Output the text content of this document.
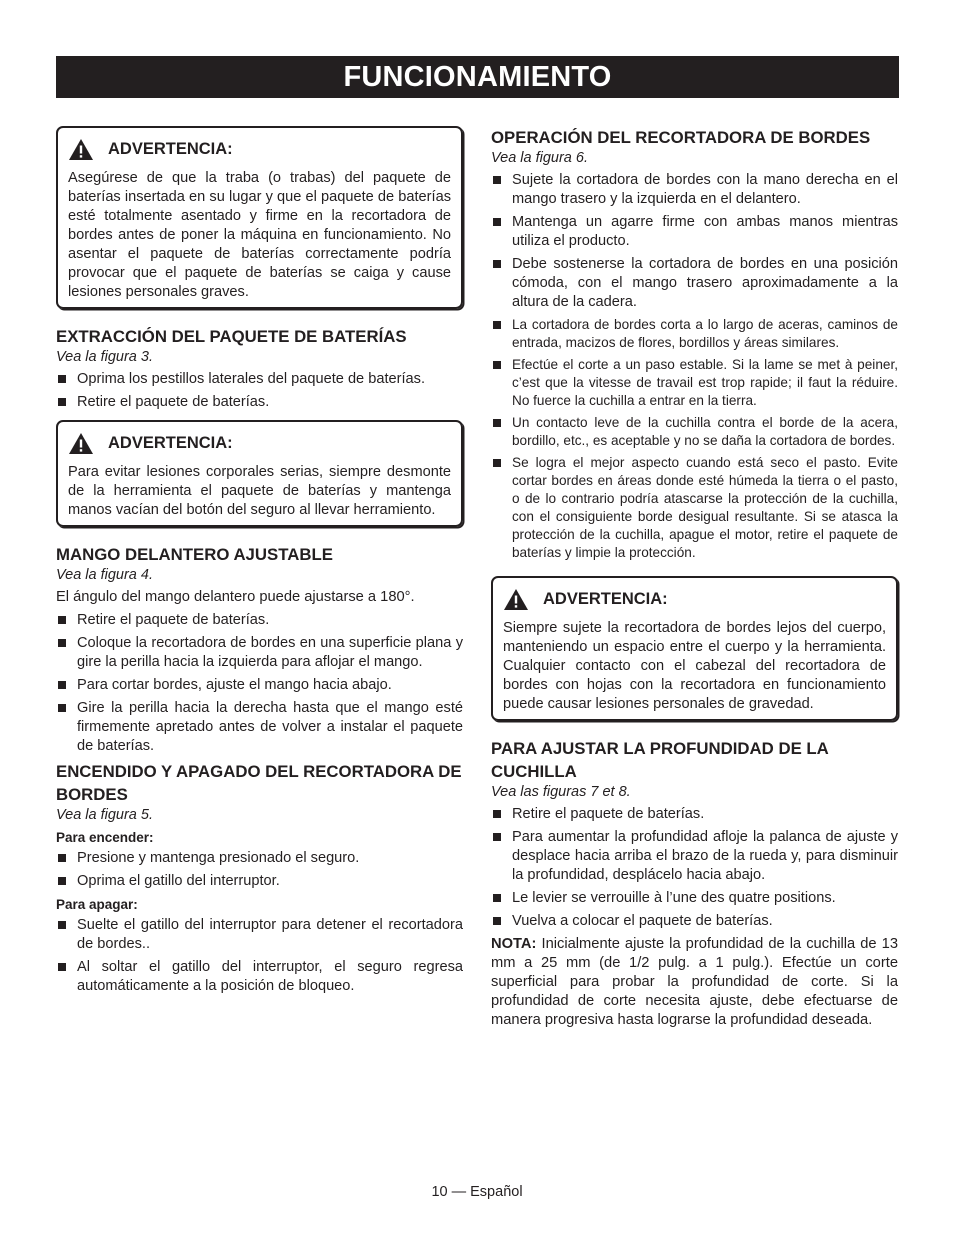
FUNCIONAMIENTO
ADVERTENCIA:
Asegúrese de que la traba (o trabas) del paquete de baterías insertada en su lugar y que el paquete de baterías esté totalmente asentado y firme en la recortadora de bordes antes de poner la máquina en funcionamiento. No asentar el paquete de baterías correctamente podría provocar que el paquete de baterías se caiga y cause lesiones personales graves.
EXTRACCIÓN DEL PAQUETE DE BATERÍAS
Vea la figura 3.
Oprima los pestillos laterales del paquete de baterías.
Retire el paquete de baterías.
ADVERTENCIA:
Para evitar lesiones corporales serias, siempre desmonte de la herramienta el paquete de baterías y mantenga manos vacían del botón del seguro al llevar herramiento.
MANGO DELANTERO AJUSTABLE
Vea la figura 4.

El ángulo del mango delantero puede ajustarse a 180°.

Retire el paquete de baterías.
Coloque la recortadora de bordes en una superficie plana y gire la perilla hacia la izquierda para aflojar el mango.
Para cortar bordes, ajuste el mango hacia abajo.
Gire la perilla hacia la derecha hasta que el mango esté firmemente apretado antes de volver a instalar el paquete de baterías.
ENCENDIDO Y APAGADO DEL RECORTADORA DE BORDES
Vea la figura 5.
Para encender:
Presione y mantenga presionado el seguro.
Oprima el gatillo del interruptor.
Para apagar:
Suelte el gatillo del interruptor para detener el recortadora de bordes..
Al soltar el gatillo del interruptor, el seguro regresa automáticamente a la posición de bloqueo.
OPERACIÓN DEL RECORTADORA DE BORDES
Vea la figura 6.
Sujete la cortadora de bordes con la mano derecha en el mango trasero y la izquierda en el delantero.
Mantenga un agarre firme con ambas manos mientras utiliza el producto.
Debe sostenerse la cortadora de bordes en una posición cómoda, con el mango trasero aproximadamente a la altura de la cadera.
La cortadora de bordes corta a lo largo de aceras, caminos de entrada, macizos de flores, bordillos y áreas similares.
Efectúe el corte a un paso estable. Si la lame se met à peiner, c’est que la vitesse de travail est trop rapide; il faut la réduire. No fuerce la cuchilla a entrar en la tierra.
Un contacto leve de la cuchilla contra el borde de la acera, bordillo, etc., es aceptable y no se daña la cortadora de bordes.
Se logra el mejor aspecto cuando está seco el pasto. Evite cortar bordes en áreas donde esté húmeda la tierra o el pasto, o de lo contrario podría atascarse la protección de la cuchilla, con el consiguiente borde desigual resultante. Si se atasca la protección de la cuchilla, apague el motor, retire el paquete de baterías y limpie la protección.
ADVERTENCIA:
Siempre sujete la recortadora de bordes lejos del cuerpo, manteniendo un espacio entre el cuerpo y la herramienta. Cualquier contacto con el cabezal del recortadora de bordes con hojas con la recortadora en funcionamiento puede causar lesiones personales de gravedad.
PARA AJUSTAR LA PROFUNDIDAD DE LA CUCHILLA
Vea las figuras 7 et 8.
Retire el paquete de baterías.
Para aumentar la profundidad afloje la palanca de ajuste y desplace hacia arriba el brazo de la rueda y, para disminuir la profundidad, desplácelo hacia abajo.
Le levier se verrouille à l’une des quatre positions.
Vuelva a colocar el paquete de baterías.

NOTA: Inicialmente ajuste la profundidad de la cuchilla de 13 mm a 25 mm (de 1/2 pulg. a 1 pulg.). Efectúe un corte superficial para probar la profundidad de corte. Si la profundidad de corte necesita ajuste, debe efectuarse de manera progresiva hasta lograrse la profundidad deseada.

10 — Español
